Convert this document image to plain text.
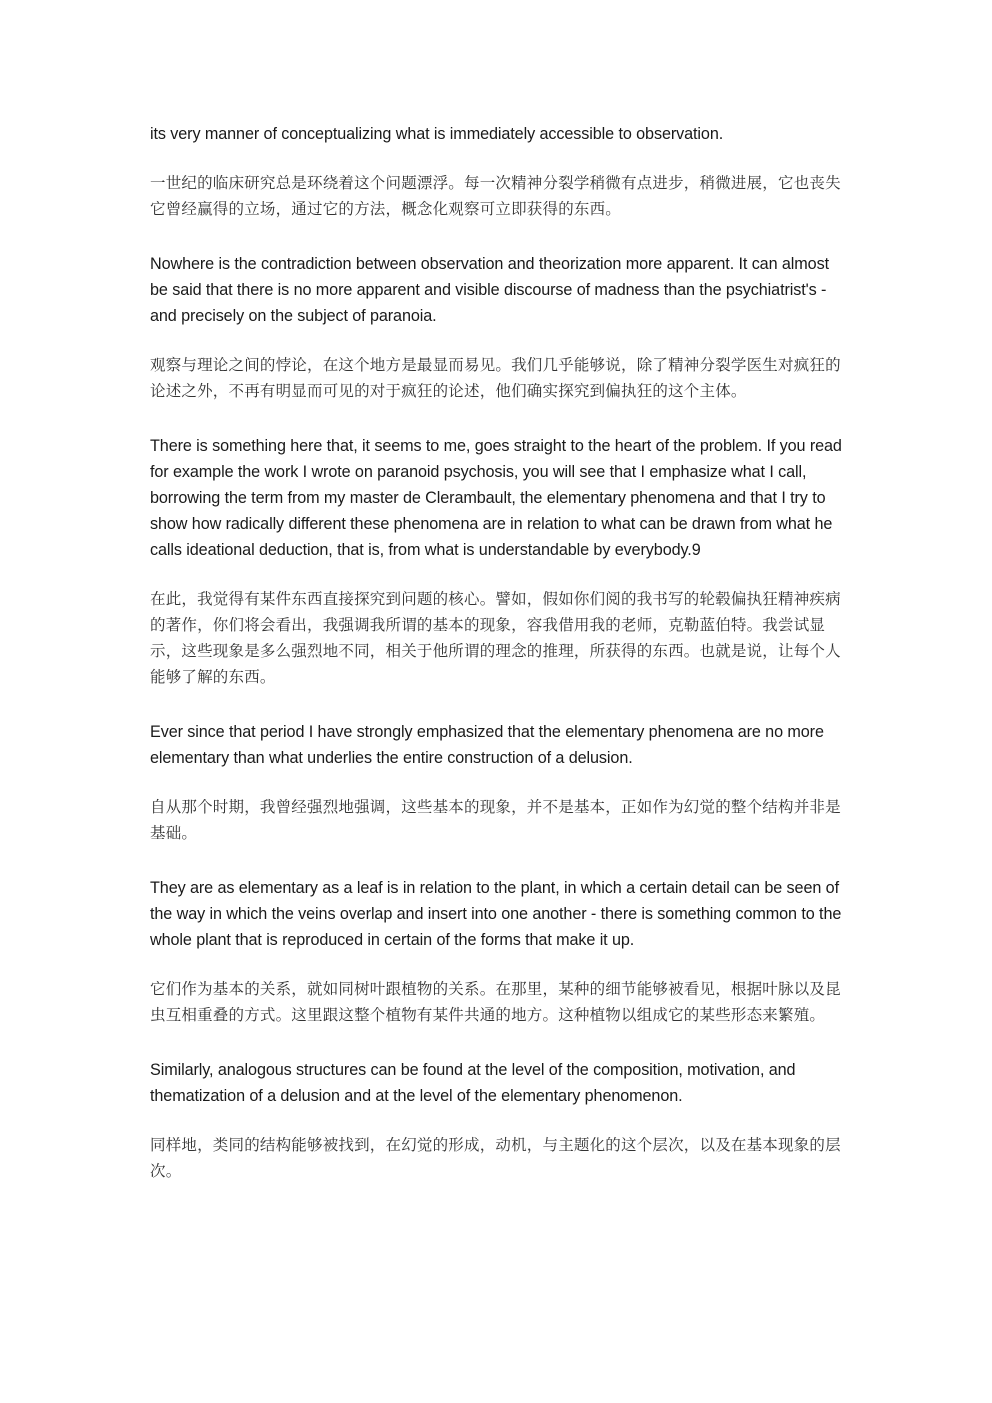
its very manner of conceptualizing what is immediately accessible to observation.

一世纪的临床研究总是环绕着这个问题漂浮。每一次精神分裂学稍微有点进步，稍微进展，它也丧失它曾经赢得的立场，通过它的方法，概念化观察可立即获得的东西。

Nowhere is the contradiction between observation and theorization more apparent. It can almost be said that there is no more apparent and visible discourse of madness than the psychiatrist's - and precisely on the subject of paranoia.

观察与理论之间的悖论，在这个地方是最显而易见。我们几乎能够说，除了精神分裂学医生对疯狂的论述之外，不再有明显而可见的对于疯狂的论述，他们确实探究到偏执狂的这个主体。

There is something here that, it seems to me, goes straight to the heart of the problem. If you read for example the work I wrote on paranoid psychosis, you will see that I emphasize what I call, borrowing the term from my master de Clerambault, the elementary phenomena and that I try to show how radically different these phenomena are in relation to what can be drawn from what he calls ideational deduction, that is, from what is understandable by everybody.9

在此，我觉得有某件东西直接探究到问题的核心。譬如，假如你们阅的我书写的轮毂偏执狂精神疾病的著作，你们将会看出，我强调我所谓的基本的现象，容我借用我的老师，克勒蓝伯特。我尝试显示，这些现象是多么强烈地不同，相关于他所谓的理念的推理，所获得的东西。也就是说，让每个人能够了解的东西。

Ever since that period I have strongly emphasized that the elementary phenomena are no more elementary than what underlies the entire construction of a delusion.

自从那个时期，我曾经强烈地强调，这些基本的现象，并不是基本，正如作为幻觉的整个结构并非是基础。

They are as elementary as a leaf is in relation to the plant, in which a certain detail can be seen of the way in which the veins overlap and insert into one another - there is something common to the whole plant that is reproduced in certain of the forms that make it up.

它们作为基本的关系，就如同树叶跟植物的关系。在那里，某种的细节能够被看见，根据叶脉以及昆虫互相重叠的方式。这里跟这整个植物有某件共通的地方。这种植物以组成它的某些形态来繁殖。

Similarly, analogous structures can be found at the level of the composition, motivation, and thematization of a delusion and at the level of the elementary phenomenon.

同样地，类同的结构能够被找到，在幻觉的形成，动机，与主题化的这个层次，以及在基本现象的层次。
